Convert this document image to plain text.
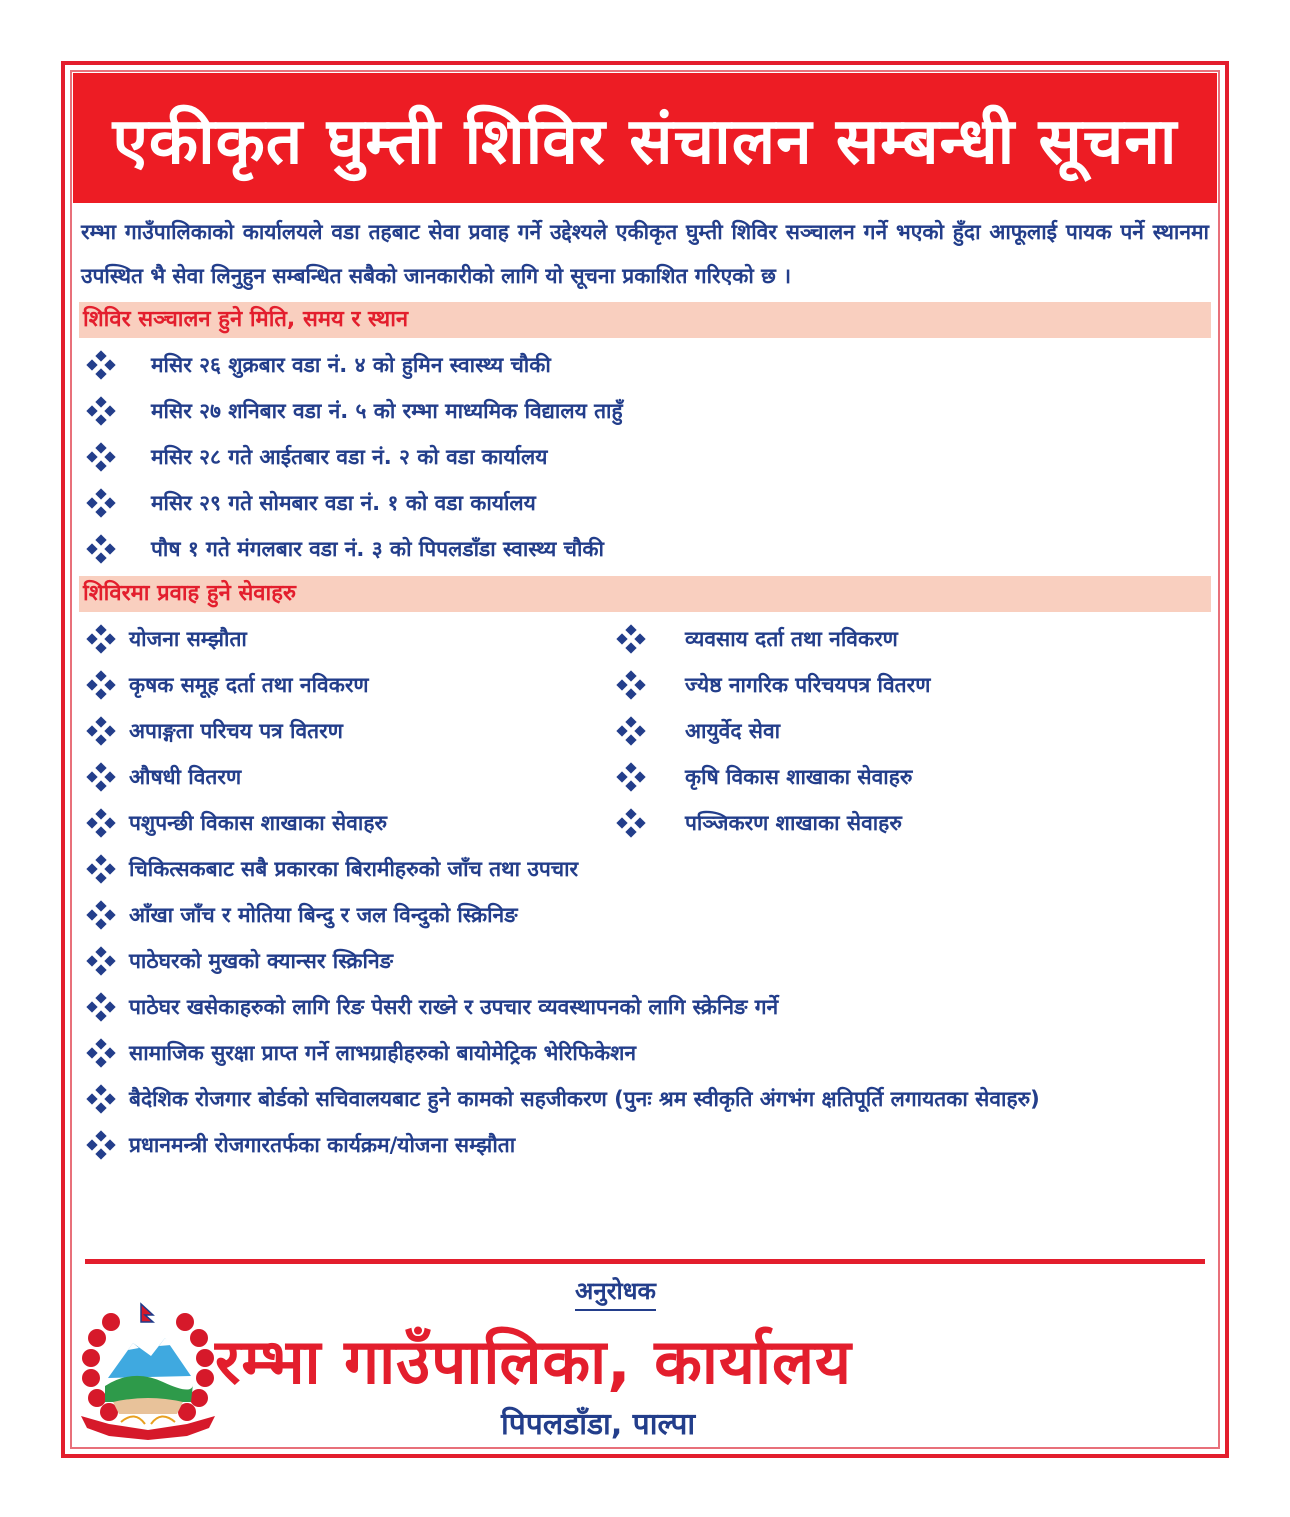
एकीकृत घुम्ती शिविर संचालन सम्बन्धी सूचना
रम्भा गाउँपालिकाको कार्यालयले वडा तहबाट सेवा प्रवाह गर्ने उद्देश्यले एकीकृत घुम्ती शिविर सञ्चालन गर्ने भएको हुँदा आफूलाई पायक पर्ने स्थानमा उपस्थित भै सेवा लिनुहुन सम्बन्धित सबैको जानकारीको लागि यो सूचना प्रकाशित गरिएको छ ।
शिविर सञ्चालन हुने मिति, समय र स्थान
मसिर २६ शुक्रबार वडा नं. ४ को हुमिन स्वास्थ्य चौकी
मसिर २७ शनिबार वडा नं. ५ को रम्भा माध्यमिक विद्यालय ताहुँ
मसिर २८ गते आईतबार वडा नं. २ को वडा कार्यालय
मसिर २९ गते सोमबार वडा नं. १ को वडा कार्यालय
पौष १ गते मंगलबार वडा नं. ३ को पिपलडाँडा स्वास्थ्य चौकी
शिविरमा प्रवाह हुने सेवाहरु
योजना सम्झौता
कृषक समूह दर्ता तथा नविकरण
अपाङ्गता परिचय पत्र वितरण
औषधी वितरण
पशुपन्छी विकास शाखाका सेवाहरु
व्यवसाय दर्ता तथा नविकरण
ज्येष्ठ नागरिक परिचयपत्र वितरण
आयुर्वेद सेवा
कृषि विकास शाखाका सेवाहरु
पञ्जिकरण शाखाका सेवाहरु
चिकित्सकबाट सबै प्रकारका बिरामीहरुको जाँच तथा उपचार
आँखा जाँच र मोतिया बिन्दु र जल विन्दुको स्क्रिनिङ
पाठेघरको मुखको क्यान्सर स्क्रिनिङ
पाठेघर खसेकाहरुको लागि रिङ पेसरी राख्ने र उपचार व्यवस्थापनको लागि स्क्रेनिङ गर्ने
सामाजिक सुरक्षा प्राप्त गर्ने लाभग्राहीहरुको बायोमेट्रिक भेरिफिकेशन
बैदेशिक रोजगार बोर्डको सचिवालयबाट हुने कामको सहजीकरण (पुनः श्रम स्वीकृति अंगभंग क्षतिपूर्ति लगायतका सेवाहरु)
प्रधानमन्त्री रोजगारतर्फका कार्यक्रम/योजना सम्झौता
अनुरोधक
रम्भा गाउँपालिका, कार्यालय
पिपलडाँडा, पाल्पा
